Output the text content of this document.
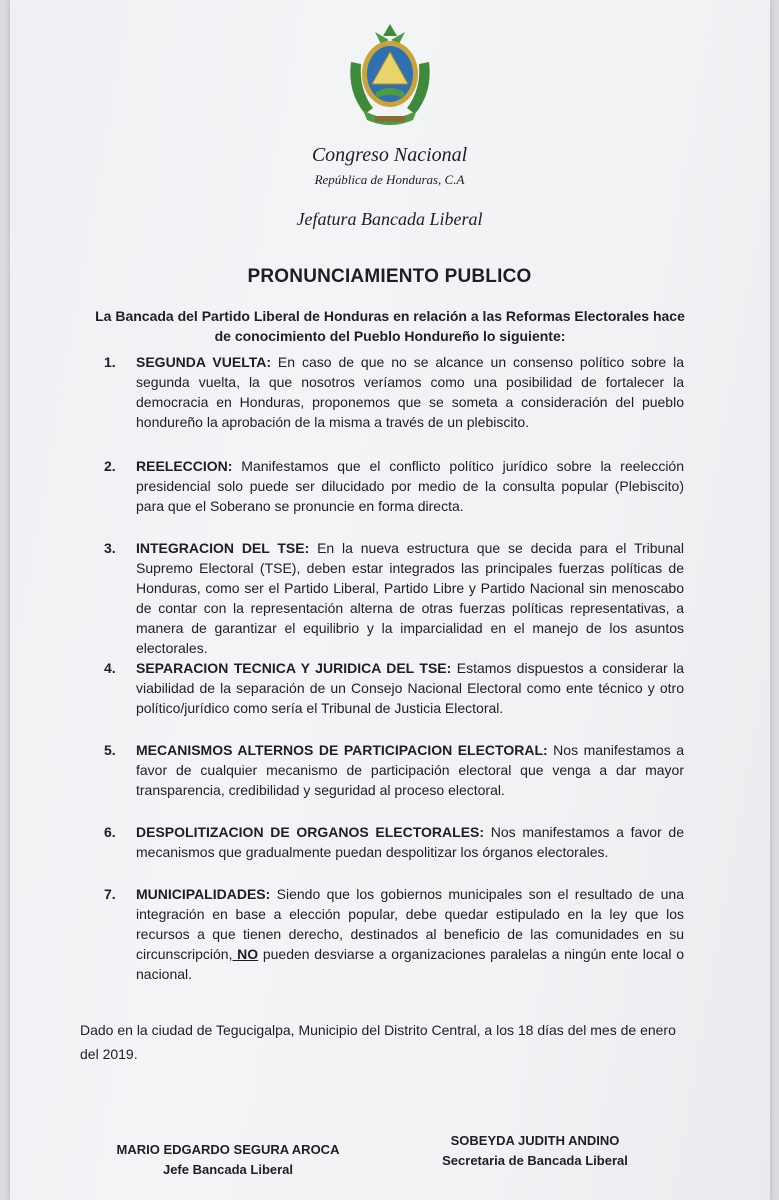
Congreso Nacional
República de Honduras, C.A
Jefatura Bancada Liberal
PRONUNCIAMIENTO PUBLICO
La Bancada del Partido Liberal de Honduras en relación a las Reformas Electorales hace de conocimiento del Pueblo Hondureño lo siguiente:
1. SEGUNDA VUELTA: En caso de que no se alcance un consenso político sobre la segunda vuelta, la que nosotros veríamos como una posibilidad de fortalecer la democracia en Honduras, proponemos que se someta a consideración del pueblo hondureño la aprobación de la misma a través de un plebiscito.
2. REELECCION: Manifestamos que el conflicto político jurídico sobre la reelección presidencial solo puede ser dilucidado por medio de la consulta popular (Plebiscito) para que el Soberano se pronuncie en forma directa.
3. INTEGRACION DEL TSE: En la nueva estructura que se decida para el Tribunal Supremo Electoral (TSE), deben estar integrados las principales fuerzas políticas de Honduras, como ser el Partido Liberal, Partido Libre y Partido Nacional sin menoscabo de contar con la representación alterna de otras fuerzas políticas representativas, a manera de garantizar el equilibrio y la imparcialidad en el manejo de los asuntos electorales.
4. SEPARACION TECNICA Y JURIDICA DEL TSE: Estamos dispuestos a considerar la viabilidad de la separación de un Consejo Nacional Electoral como ente técnico y otro político/jurídico como sería el Tribunal de Justicia Electoral.
5. MECANISMOS ALTERNOS DE PARTICIPACION ELECTORAL: Nos manifestamos a favor de cualquier mecanismo de participación electoral que venga a dar mayor transparencia, credibilidad y seguridad al proceso electoral.
6. DESPOLITIZACION DE ORGANOS ELECTORALES: Nos manifestamos a favor de mecanismos que gradualmente puedan despolitizar los órganos electorales.
7. MUNICIPALIDADES: Siendo que los gobiernos municipales son el resultado de una integración en base a elección popular, debe quedar estipulado en la ley que los recursos a que tienen derecho, destinados al beneficio de las comunidades en su circunscripción, NO pueden desviarse a organizaciones paralelas a ningún ente local o nacional.
Dado en la ciudad de Tegucigalpa, Municipio del Distrito Central, a los 18 días del mes de enero del 2019.
MARIO EDGARDO SEGURA AROCA
Jefe Bancada Liberal
SOBEYDA JUDITH ANDINO
Secretaria de Bancada Liberal
